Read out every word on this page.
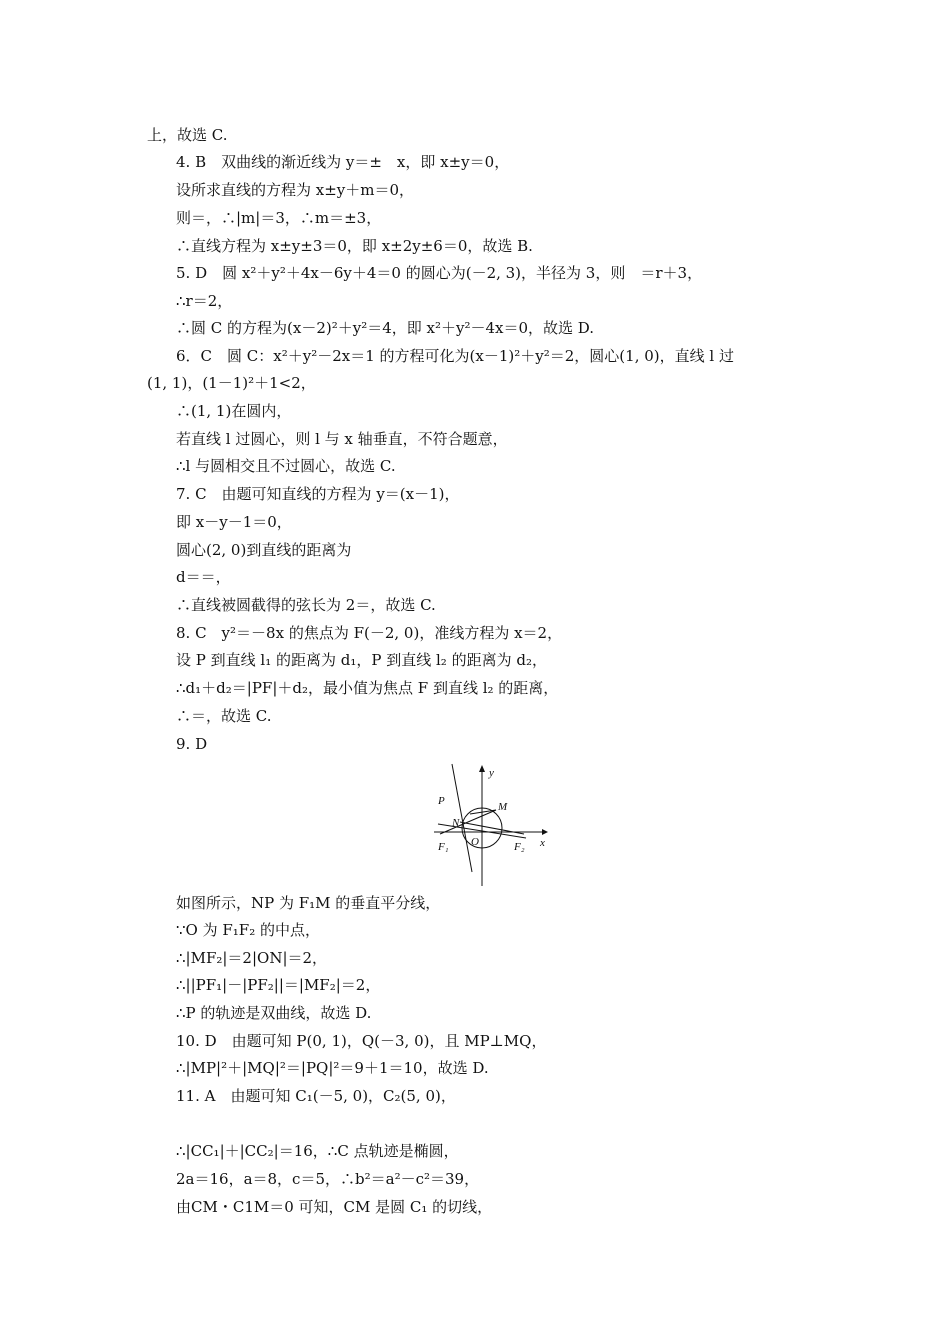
上，故选 C.
4. B　双曲线的渐近线为 y＝±　x，即 x±y＝0，
设所求直线的方程为 x±y＋m＝0，
则＝，∴|m|＝3，∴m＝±3，
∴直线方程为 x±y±3＝0，即 x±2y±6＝0，故选 B.
5. D　圆 x²＋y²＋4x－6y＋4＝0 的圆心为(－2, 3)，半径为 3，则　＝r＋3，
∴r＝2，
∴圆 C 的方程为(x－2)²＋y²＝4，即 x²＋y²－4x＝0，故选 D.
6．C　圆 C：x²＋y²－2x＝1 的方程可化为(x－1)²＋y²＝2，圆心(1, 0)，直线 l 过
(1, 1)，(1－1)²＋1<2，
∴(1, 1)在圆内，
若直线 l 过圆心，则 l 与 x 轴垂直，不符合题意，
∴l 与圆相交且不过圆心，故选 C.
7. C　由题可知直线的方程为 y＝(x－1)，
即 x－y－1＝0，
圆心(2, 0)到直线的距离为
d＝＝，
∴直线被圆截得的弦长为 2＝，故选 C.
8. C　y²＝－8x 的焦点为 F(－2, 0)，准线方程为 x＝2，
设 P 到直线 l₁ 的距离为 d₁，P 到直线 l₂ 的距离为 d₂，
∴d₁＋d₂＝|PF|＋d₂，最小值为焦点 F 到直线 l₂ 的距离，
∴＝，故选 C.
9. D
y
x
P	M
N
O
F₁	F₂
如图所示，NP 为 F₁M 的垂直平分线，
∵O 为 F₁F₂ 的中点，
∴|MF₂|＝2|ON|＝2，
∴||PF₁|－|PF₂||＝|MF₂|＝2，
∴P 的轨迹是双曲线，故选 D.
10. D　由题可知 P(0, 1)，Q(－3, 0)，且 MP⊥MQ，
∴|MP|²＋|MQ|²＝|PQ|²＝9＋1＝10，故选 D.
11. A　由题可知 C₁(－5, 0)，C₂(5, 0)，
∴|CC₁|＋|CC₂|＝16，∴C 点轨迹是椭圆，
2a＝16，a＝8，c＝5，∴b²＝a²－c²＝39，
由CM・C1M＝0 可知，CM 是圆 C₁ 的切线，
